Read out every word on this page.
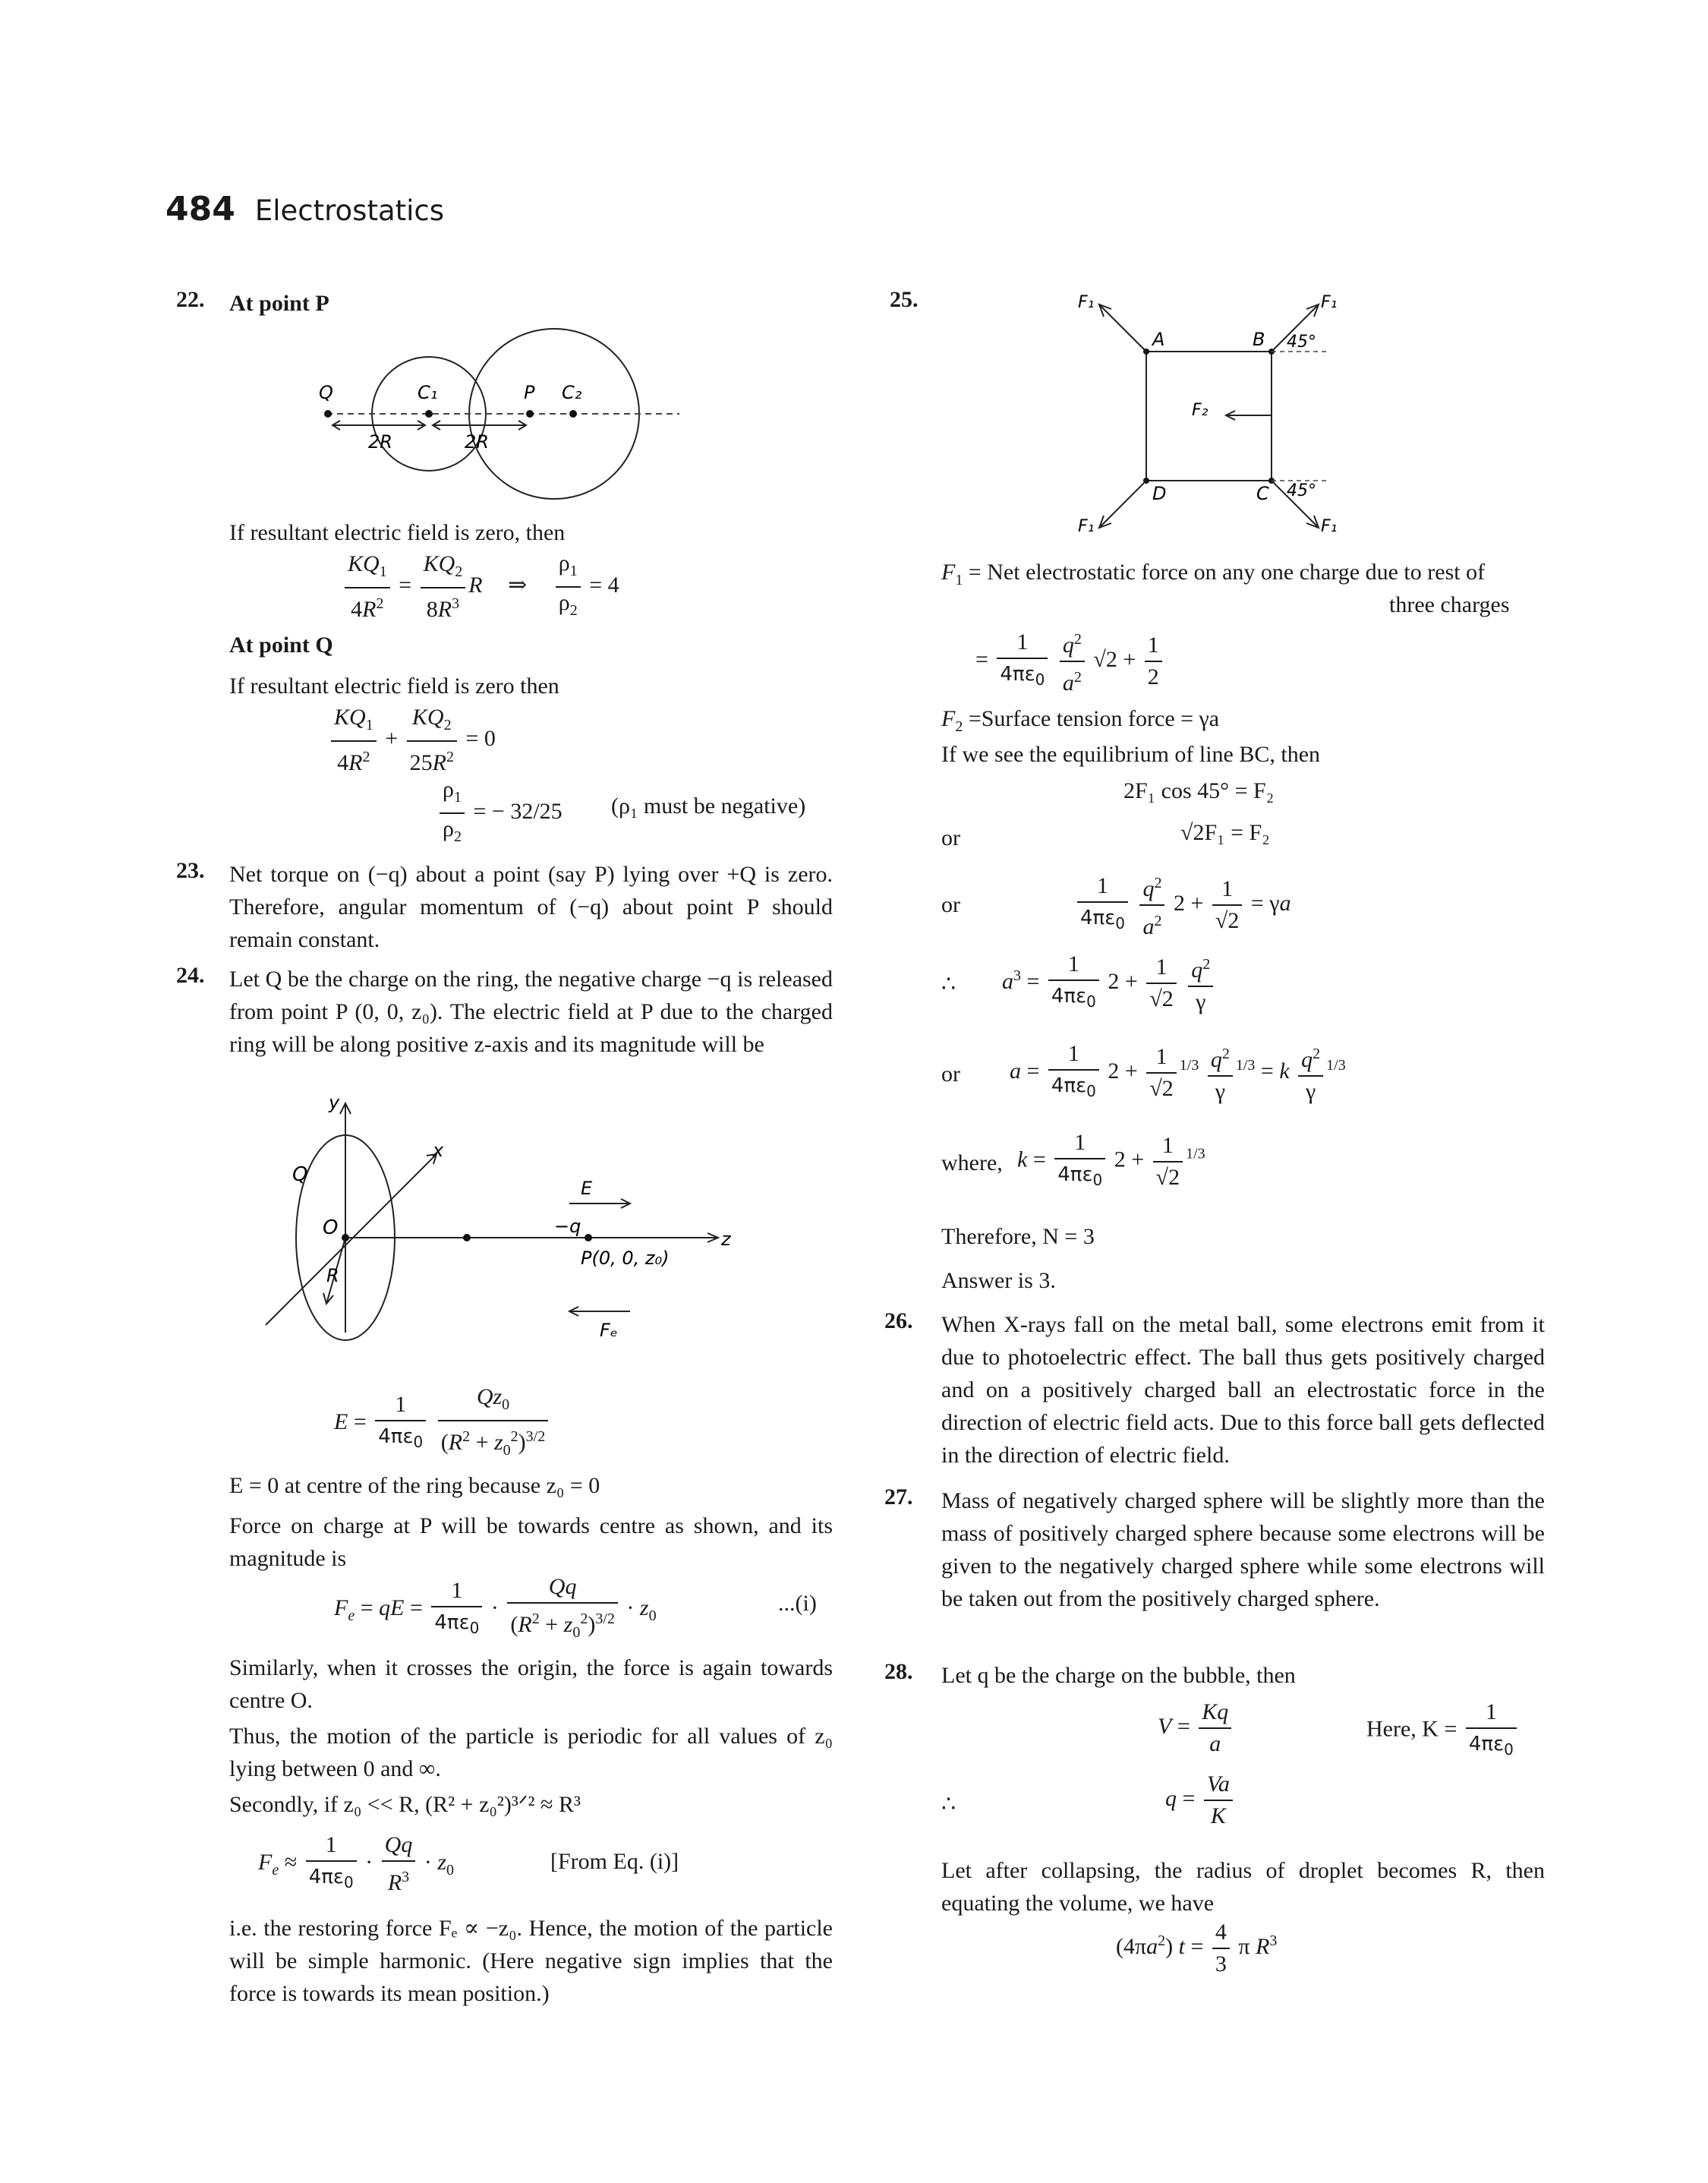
484 Electrostatics
22. At point P
Q	C₁	P C₂
2R	2R
If resultant electric field is zero, then
$\frac{KQ_1}{4R^2} = \frac{KQ_2}{8R^3}$ R ⇒ $\frac{\rho_1}{\rho_2} = 4$
At point Q
If resultant electric field is zero then
$\frac{KQ_1}{4R^2} + \frac{KQ_2}{25R^2} = 0$
$\frac{\rho_1}{\rho_2}$ = − 32/25 (ρ₁ must be negative)
23. Net torque on (−q) about a point (say P) lying over +Q is zero. Therefore, angular momentum of (−q) about point P should remain constant.
24. Let Q be the charge on the ring, the negative charge −q is released from point P (0, 0, z₀). The electric field at P due to the charged ring will be along positive z-axis and its magnitude will be
y
x
z
Q
O
R
E
−q
P(0, 0, z₀)
Fₑ
$E = \frac{1}{4\pi\varepsilon_0}$
$\frac{Qz_0}{(R^2 + z_0^2)^{3/2}}$
E = 0 at centre of the ring because z₀ = 0
Force on charge at P will be towards centre as shown, and its magnitude is
$F_e$ = qE = $\frac{1}{4\pi\varepsilon_0} \cdot \frac{Qq}{(R^2 + z_0^2)^{3/2}} \cdot z_0$	...(i)
Similarly, when it crosses the origin, the force is again towards centre O.
Thus, the motion of the particle is periodic for all values of z₀ lying between 0 and ∞.
Secondly, if z₀ << R, (R² + z₀²)³ᐟ² ≈ R³
$F_e \approx \frac{1}{4\pi\varepsilon_0} \cdot \frac{Qq}{R^3} \cdot z_0$	[From Eq. (i)]
i.e. the restoring force Fₑ ∝ −z₀. Hence, the motion of the particle will be simple harmonic. (Here negative sign implies that the force is towards its mean position.)
25.
A	B
C
D
F₁	F₁
F₁	F₁
F₂
45°
45°
$F_1$ = Net electrostatic force on any one charge due to rest of
three charges
= $\frac{1}{4\pi\varepsilon_0}$
$\frac{q^2}{a^2} √2 + \frac{1}{2}$
$F_2$ =Surface tension force = γa
If we see the equilibrium of line BC, then
2F₁ cos 45° = F₂
or	√2F₁ = F₂
or	$\frac{1}{4\pi\varepsilon_0}$
$\frac{q^2}{a^2} 2 + \frac{1}{√2} = \gamma a$
∴ $a^3 = \frac{1}{4\pi\varepsilon_0} 2 + \frac{1}{√2}$
$\frac{q^2}{\gamma}$
or $a = \frac{1}{4\pi\varepsilon_0} 2 + \frac{1}{√2} ^{1/3} \frac{q^2}{\gamma} ^{1/3} = k \frac{q^2}{\gamma} ^{1/3}$
where, $k = \frac{1}{4\pi\varepsilon_0} 2 + \frac{1}{√2} ^{1/3}$
Therefore, N = 3
Answer is 3.
26. When X-rays fall on the metal ball, some electrons emit from it due to photoelectric effect. The ball thus gets positively charged and on a positively charged ball an electrostatic force in the direction of electric field acts. Due to this force ball gets deflected in the direction of electric field.
27. Mass of negatively charged sphere will be slightly more than the mass of positively charged sphere because some electrons will be given to the negatively charged sphere while some electrons will be taken out from the positively charged sphere.
28. Let q be the charge on the bubble, then
$V = \frac{Kq}{a}$	Here, $K = \frac{1}{4\pi\varepsilon_0}$
∴	$q = \frac{Va}{K}$
Let after collapsing, the radius of droplet becomes R, then equating the volume, we have
$(4\pi a^2) t = \frac{4}{3}$ π $R^3$
